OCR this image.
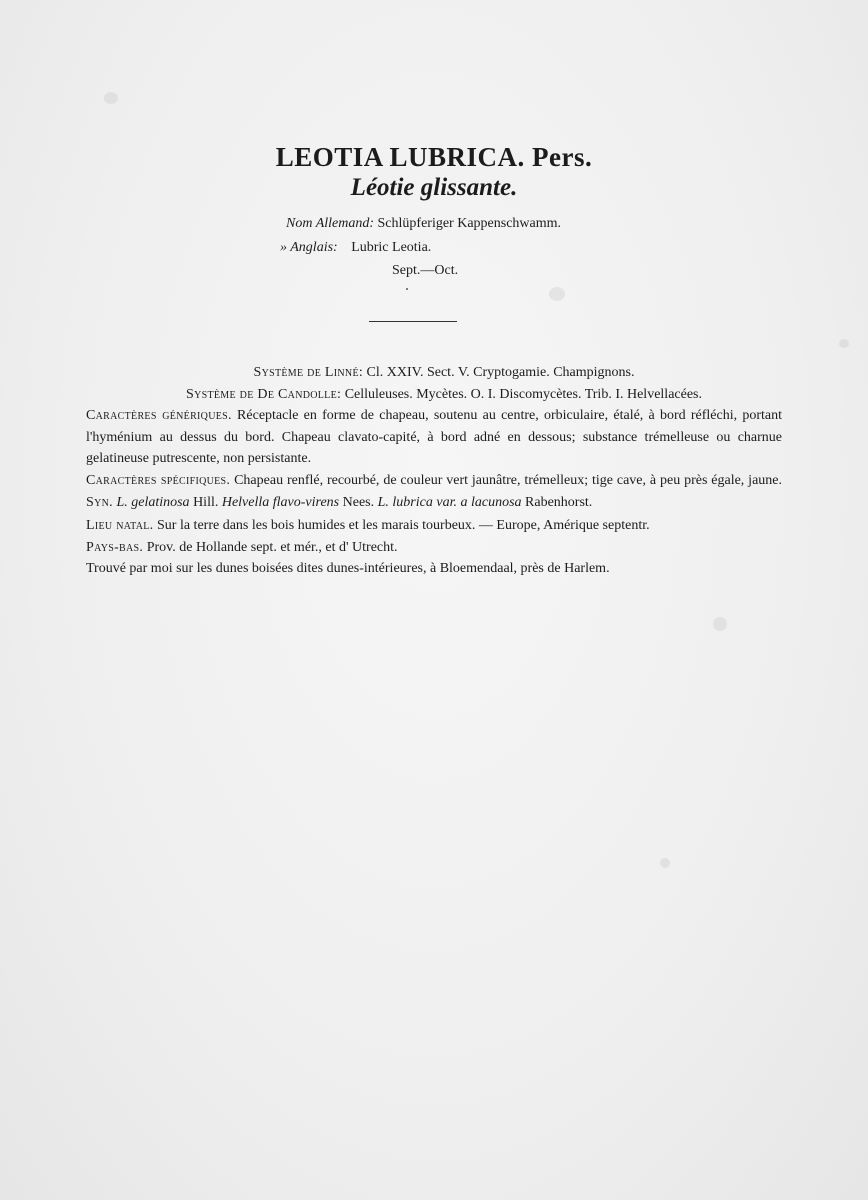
LEOTIA LUBRICA. Pers.
Léotie glissante.
Nom Allemand: Schlüpferiger Kappenschwamm.
» Anglais: Lubric Leotia.
Sept.—Oct.

Système de Linné: Cl. XXIV. Sect. V. Cryptogamie. Champignons.

Système de De Candolle: Celluleuses. Mycètes. O. I. Discomycètes. Trib. I. Helvellacées.

Caractères génériques. Réceptacle en forme de chapeau, soutenu au centre, orbiculaire, étalé, à bord réfléchi, portant l'hyménium au dessus du bord. Chapeau clavato-capité, à bord adné en dessous; substance trémelleuse ou charnue gelatineuse putrescente, non persistante.

Caractères spécifiques. Chapeau renflé, recourbé, de couleur vert jaunâtre, trémelleux; tige cave, à peu près égale, jaune. Syn. L. gelatinosa Hill. Helvella flavo-virens Nees. L. lubrica var. a lacunosa Rabenhorst.

Lieu natal. Sur la terre dans les bois humides et les marais tourbeux. — Europe, Amérique septentr.

Pays-bas. Prov. de Hollande sept. et mér., et d' Utrecht.

Trouvé par moi sur les dunes boisées dites dunes-intérieures, à Bloemendaal, près de Harlem.
